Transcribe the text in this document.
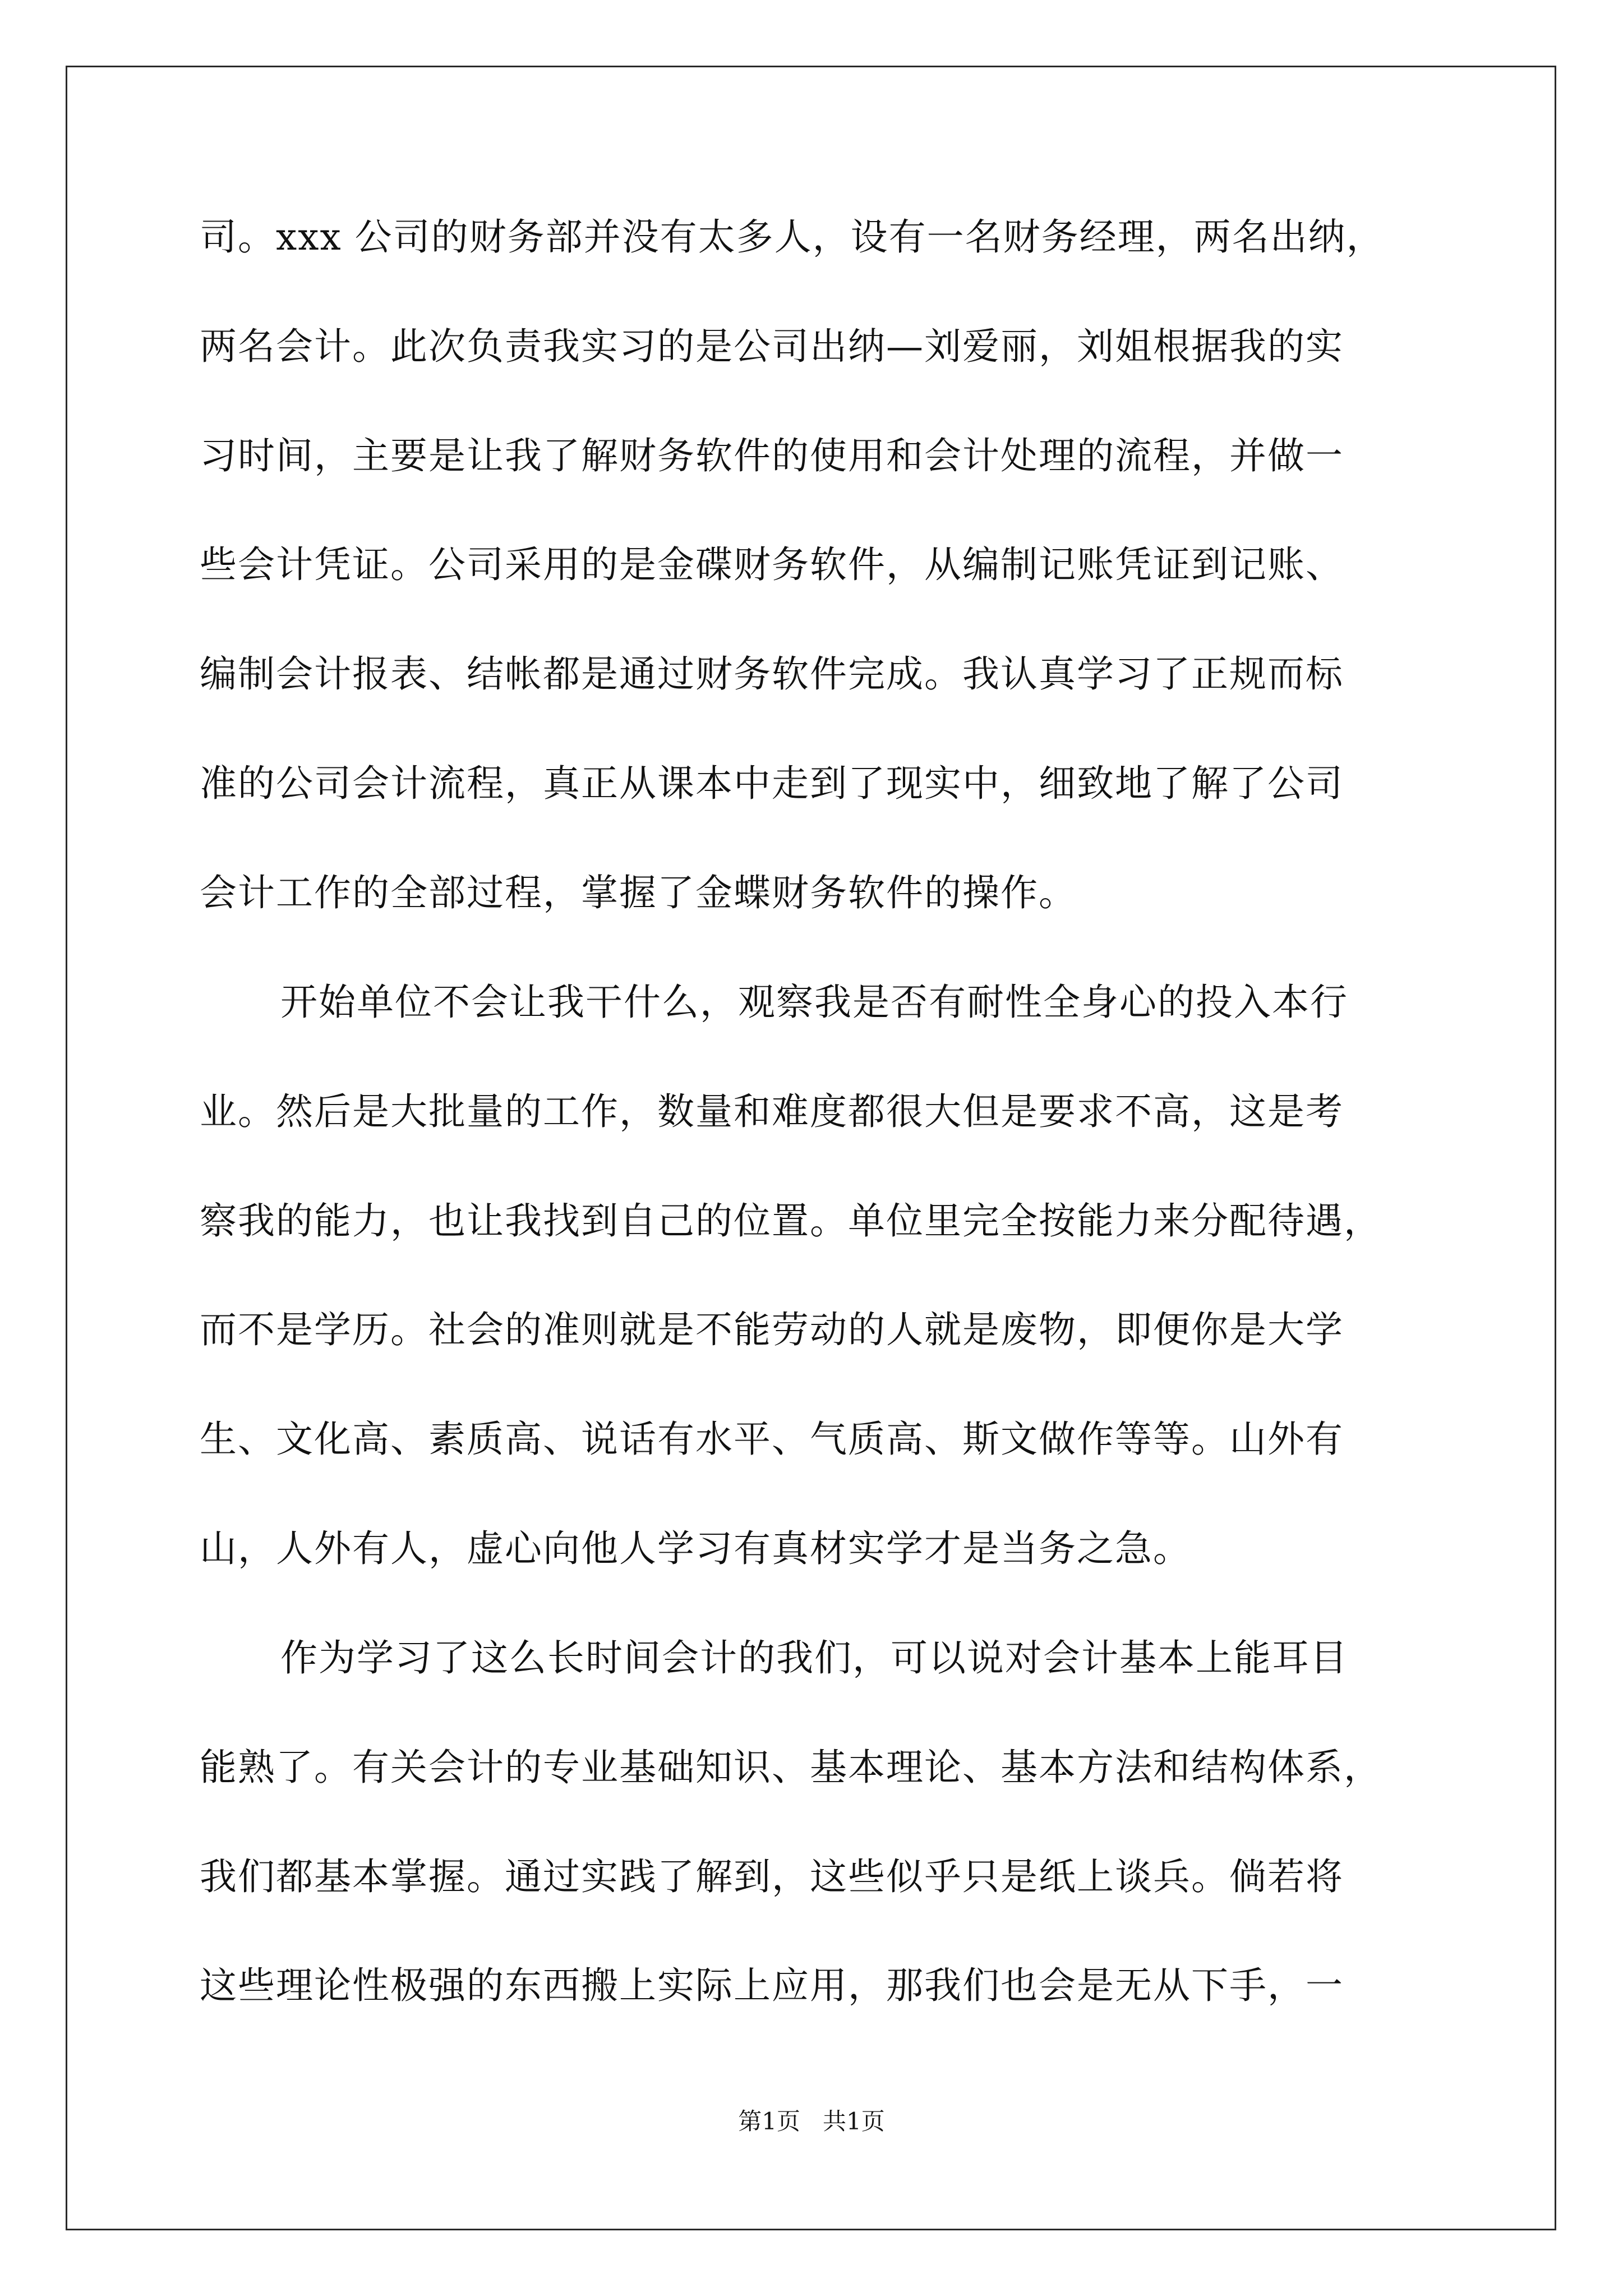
司。xxx 公司的财务部并没有太多人，设有一名财务经理，两名出纳，
两名会计。此次负责我实习的是公司出纳—刘爱丽，刘姐根据我的实
习时间，主要是让我了解财务软件的使用和会计处理的流程，并做一
些会计凭证。公司采用的是金碟财务软件，从编制记账凭证到记账、
编制会计报表、结帐都是通过财务软件完成。我认真学习了正规而标
准的公司会计流程，真正从课本中走到了现实中，细致地了解了公司
会计工作的全部过程，掌握了金蝶财务软件的操作。
开始单位不会让我干什么，观察我是否有耐性全身心的投入本行
业。然后是大批量的工作，数量和难度都很大但是要求不高，这是考
察我的能力，也让我找到自己的位置。单位里完全按能力来分配待遇，
而不是学历。社会的准则就是不能劳动的人就是废物，即便你是大学
生、文化高、素质高、说话有水平、气质高、斯文做作等等。山外有
山，人外有人，虚心向他人学习有真材实学才是当务之急。
作为学习了这么长时间会计的我们，可以说对会计基本上能耳目
能熟了。有关会计的专业基础知识、基本理论、基本方法和结构体系，
我们都基本掌握。通过实践了解到，这些似乎只是纸上谈兵。倘若将
这些理论性极强的东西搬上实际上应用，那我们也会是无从下手，一
第1页   共1页
